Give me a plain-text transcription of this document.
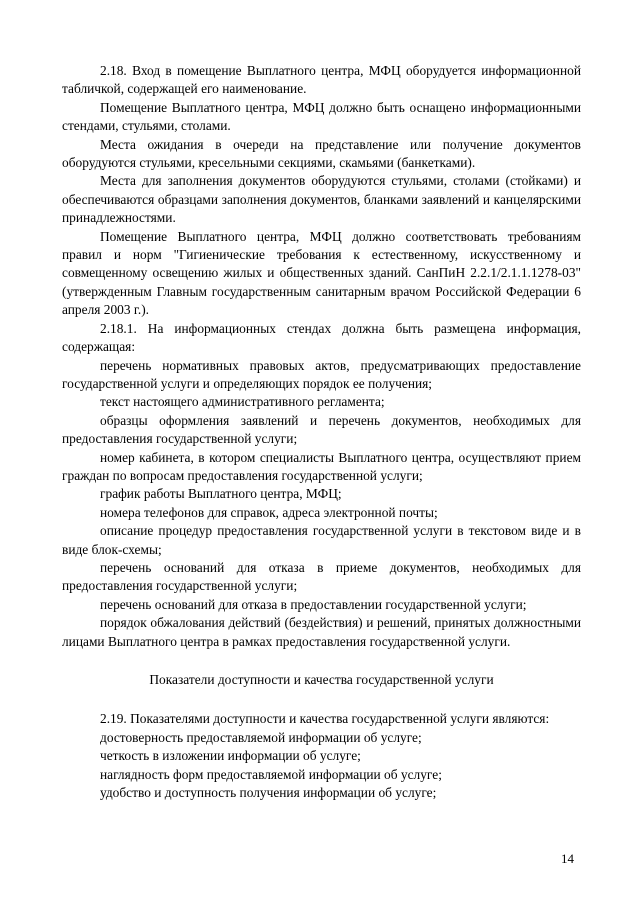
2.18. Вход в помещение Выплатного центра, МФЦ оборудуется информационной табличкой, содержащей его наименование.

Помещение Выплатного центра, МФЦ должно быть оснащено информационными стендами, стульями, столами.

Места ожидания в очереди на представление или получение документов оборудуются стульями, кресельными секциями, скамьями (банкетками).

Места для заполнения документов оборудуются стульями, столами (стойками) и обеспечиваются образцами заполнения документов, бланками заявлений и канцелярскими принадлежностями.

Помещение Выплатного центра, МФЦ должно соответствовать требованиям правил и норм "Гигиенические требования к естественному, искусственному и совмещенному освещению жилых и общественных зданий. СанПиН 2.2.1/2.1.1.1278-03" (утвержденным Главным государственным санитарным врачом Российской Федерации 6 апреля 2003 г.).

2.18.1. На информационных стендах должна быть размещена информация, содержащая:

перечень нормативных правовых актов, предусматривающих предоставление государственной услуги и определяющих порядок ее получения;

текст настоящего административного регламента;

образцы оформления заявлений и перечень документов, необходимых для предоставления государственной услуги;

номер кабинета, в котором специалисты Выплатного центра, осуществляют прием граждан по вопросам предоставления государственной услуги;

график работы Выплатного центра, МФЦ;

номера телефонов для справок, адреса электронной почты;

описание процедур предоставления государственной услуги в текстовом виде и в виде блок-схемы;

перечень оснований для отказа в приеме документов, необходимых для предоставления государственной услуги;

перечень оснований для отказа в предоставлении государственной услуги;

порядок обжалования действий (бездействия) и решений, принятых должностными лицами Выплатного центра в рамках предоставления государственной услуги.

Показатели доступности и качества государственной услуги

2.19. Показателями доступности и качества государственной услуги являются:

достоверность предоставляемой информации об услуге;

четкость в изложении информации об услуге;

наглядность форм предоставляемой информации об услуге;

удобство и доступность получения информации об услуге;

14
